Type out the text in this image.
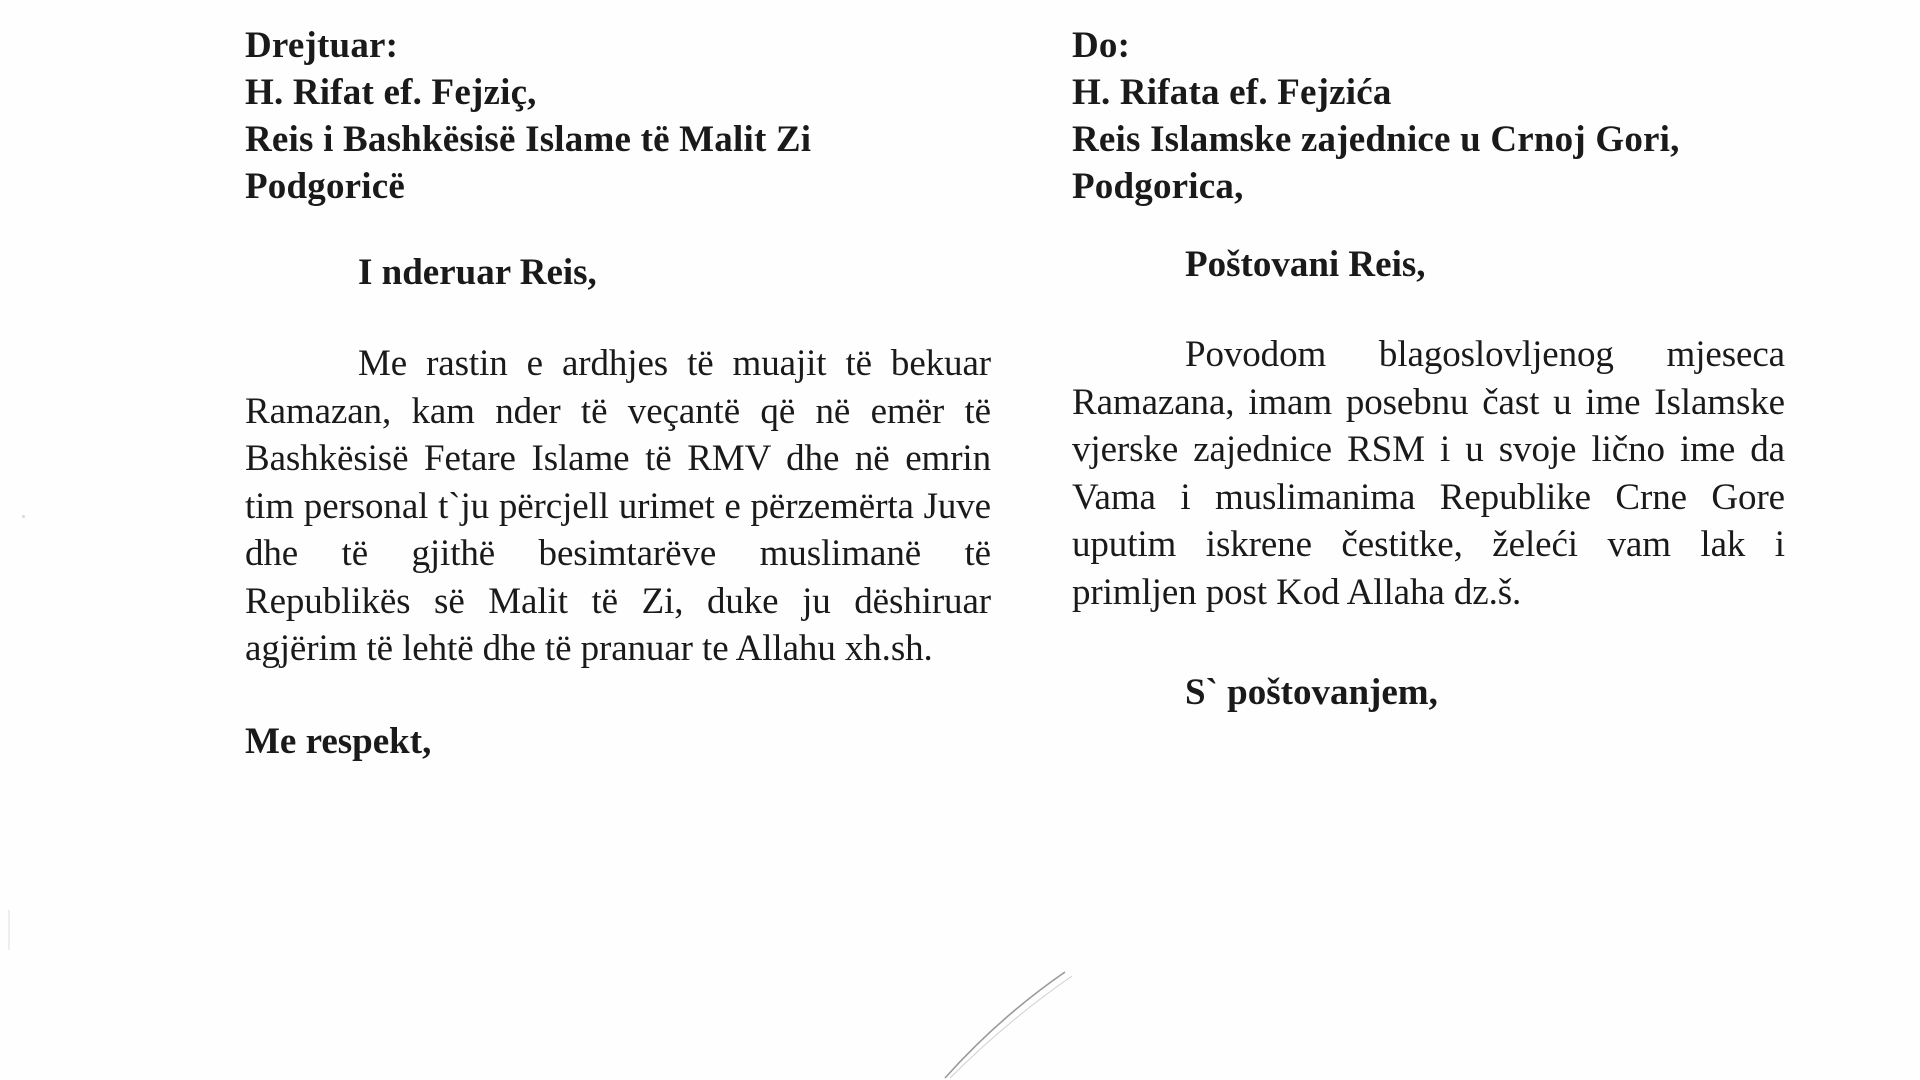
Drejtuar:
H. Rifat ef. Fejziç,
Reis i Bashkësisë Islame të Malit Zi
Podgoricë
I nderuar Reis,

Me rastin e ardhjes të muajit të bekuar Ramazan, kam nder të veçantë që në emër të Bashkësisë Fetare Islame të RMV dhe në emrin tim personal t`ju përcjell urimet e përzemërta Juve dhe të gjithë besimtarëve muslimanë të Republikës së Malit të Zi, duke ju dëshiruar agjërim të lehtë dhe të pranuar te Allahu xh.sh.

Me respekt,
Do:
H. Rifata ef. Fejzića
Reis Islamske zajednice u Crnoj Gori,
Podgorica,
Poštovani Reis,

Povodom blagoslovljenog mjeseca Ramazana, imam posebnu čast u ime Islamske vjerske zajednice RSM i u svoje lično ime da Vama i muslimanima Republike Crne Gore uputim iskrene čestitke, želeći vam lak i primljen post Kod Allaha dz.š.

S` poštovanjem,
